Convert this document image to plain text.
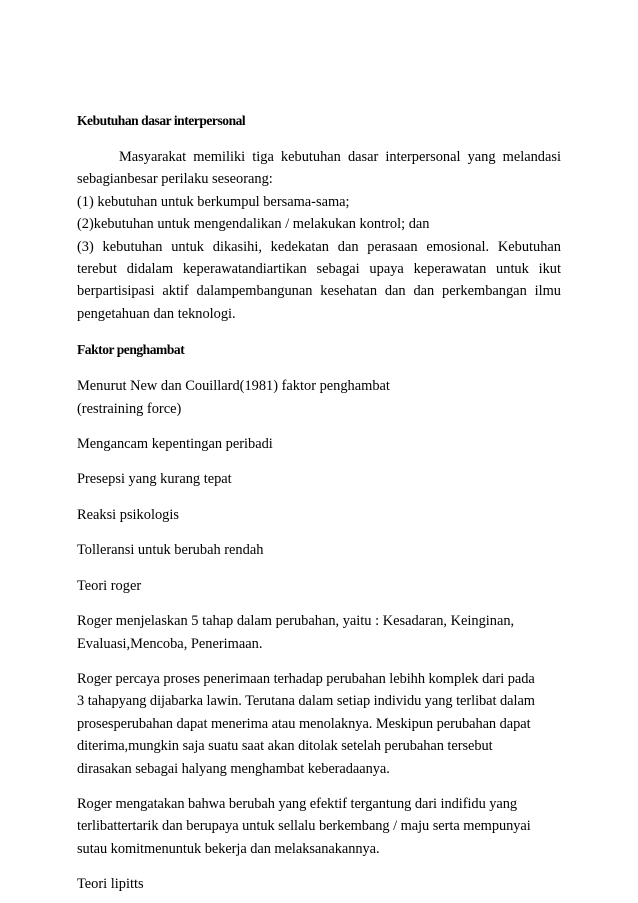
Kebutuhan dasar interpersonal

Masyarakat memiliki tiga kebutuhan dasar interpersonal yang melandasi sebagianbesar perilaku seseorang:

(1) kebutuhan untuk berkumpul bersama-sama;

(2)kebutuhan untuk mengendalikan / melakukan kontrol; dan

(3) kebutuhan untuk dikasihi, kedekatan dan perasaan emosional. Kebutuhan terebut didalam keperawatandiartikan sebagai upaya keperawatan untuk ikut berpartisipasi aktif dalampembangunan kesehatan dan dan perkembangan ilmu pengetahuan dan teknologi.

Faktor penghambat

Menurut New dan Couillard(1981) faktor penghambat

(restraining force)

Mengancam kepentingan peribadi

Presepsi yang kurang tepat

Reaksi psikologis

Tolleransi untuk berubah rendah

Teori roger

Roger menjelaskan 5 tahap dalam perubahan, yaitu : Kesadaran, Keinginan,

Evaluasi,Mencoba, Penerimaan.

Roger percaya proses penerimaan terhadap perubahan lebihh komplek dari pada
3 tahapyang dijabarka lawin. Terutana dalam setiap individu yang terlibat dalam
prosesperubahan dapat menerima atau menolaknya. Meskipun perubahan dapat
diterima,mungkin saja suatu saat akan ditolak setelah perubahan tersebut
dirasakan sebagai halyang menghambat keberadaanya.

Roger mengatakan bahwa berubah yang efektif tergantung dari indifidu yang
terlibattertarik dan berupaya untuk sellalu berkembang / maju serta mempunyai
sutau komitmenuntuk bekerja dan melaksanakannya.

Teori lipitts
